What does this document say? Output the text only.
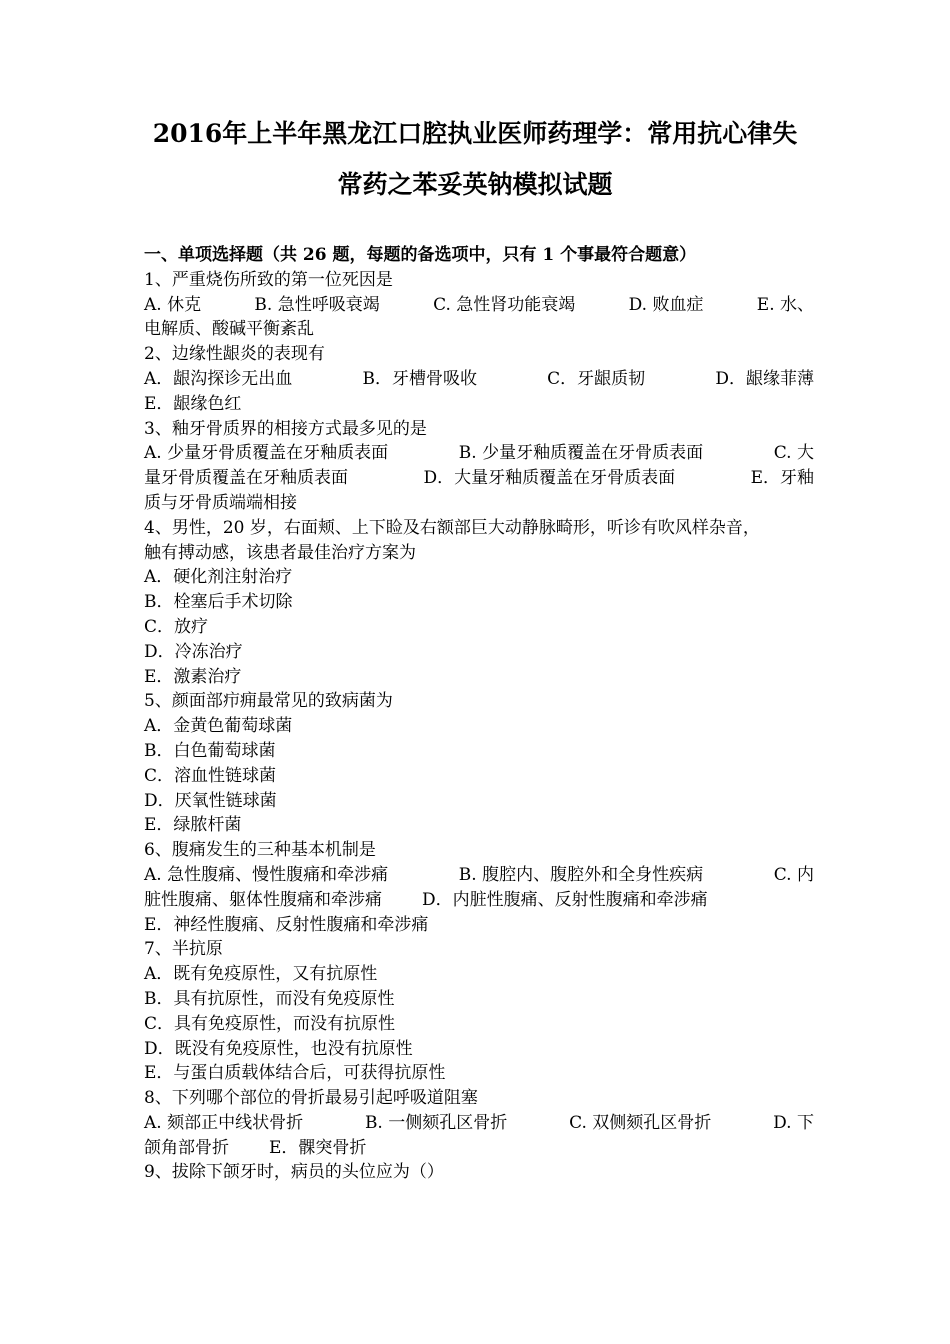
2016年上半年黑龙江口腔执业医师药理学：常用抗心律失
常药之苯妥英钠模拟试题
一、单项选择题（共 26 题，每题的备选项中，只有 1 个事最符合题意）
1、严重烧伤所致的第一位死因是
A. 休克	B. 急性呼吸衰竭	C. 急性肾功能衰竭	D. 败血症	E. 水、
电解质、酸碱平衡紊乱
2、边缘性龈炎的表现有
A．龈沟探诊无出血	B．牙槽骨吸收	C．牙龈质韧	D．龈缘菲薄
E．龈缘色红
3、釉牙骨质界的相接方式最多见的是
A. 少量牙骨质覆盖在牙釉质表面	B. 少量牙釉质覆盖在牙骨质表面	C. 大
量牙骨质覆盖在牙釉质表面	D．大量牙釉质覆盖在牙骨质表面	E．牙釉
质与牙骨质端端相接
4、男性，20 岁，右面颊、上下睑及右额部巨大动静脉畸形，听诊有吹风样杂音，
触有搏动感，该患者最佳治疗方案为
A．硬化剂注射治疗
B．栓塞后手术切除
C．放疗
D．冷冻治疗
E．激素治疗
5、颜面部疖痈最常见的致病菌为
A．金黄色葡萄球菌
B．白色葡萄球菌
C．溶血性链球菌
D．厌氧性链球菌
E．绿脓杆菌
6、腹痛发生的三种基本机制是
A. 急性腹痛、慢性腹痛和牵涉痛	B. 腹腔内、腹腔外和全身性疾病	C. 内
脏性腹痛、躯体性腹痛和牵涉痛 D．内脏性腹痛、反射性腹痛和牵涉痛
E．神经性腹痛、反射性腹痛和牵涉痛
7、半抗原
A．既有免疫原性，又有抗原性
B．具有抗原性，而没有免疫原性
C．具有免疫原性，而没有抗原性
D．既没有免疫原性，也没有抗原性
E．与蛋白质载体结合后，可获得抗原性
8、下列哪个部位的骨折最易引起呼吸道阻塞
A. 颏部正中线状骨折	B. 一侧颏孔区骨折	C. 双侧颏孔区骨折	D. 下
颌角部骨折 E．髁突骨折
9、拔除下颌牙时，病员的头位应为（）
